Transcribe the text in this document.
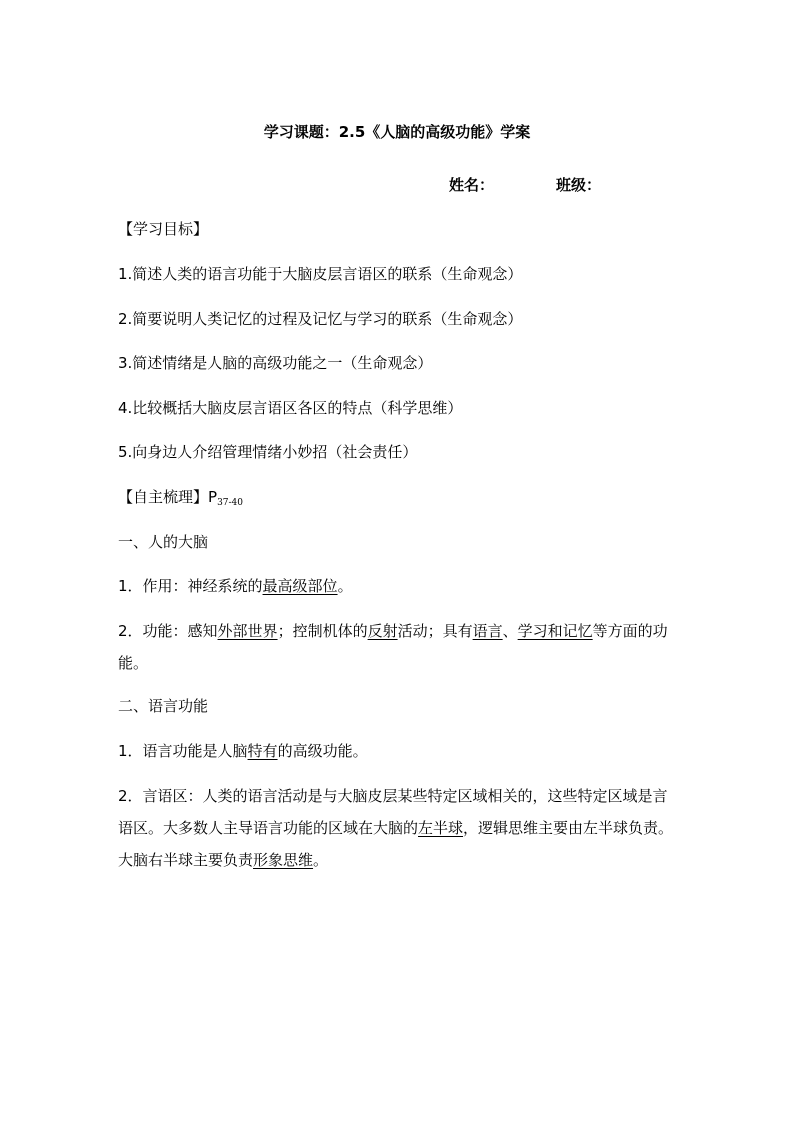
学习课题：2.5《人脑的高级功能》学案
姓名：	班级：
【学习目标】
1.简述人类的语言功能于大脑皮层言语区的联系（生命观念）
2.简要说明人类记忆的过程及记忆与学习的联系（生命观念）
3.简述情绪是人脑的高级功能之一（生命观念）
4.比较概括大脑皮层言语区各区的特点（科学思维）
5.向身边人介绍管理情绪小妙招（社会责任）
【自主梳理】$P_{37-40}$
一、人的大脑
1．作用：神经系统的最高级部位。
2．功能：感知外部世界；控制机体的反射活动；具有语言、学习和记忆等方面的功能。
二、语言功能
1．语言功能是人脑特有的高级功能。
2．言语区：人类的语言活动是与大脑皮层某些特定区域相关的，这些特定区域是言语区。大多数人主导语言功能的区域在大脑的左半球，逻辑思维主要由左半球负责。大脑右半球主要负责形象思维。
